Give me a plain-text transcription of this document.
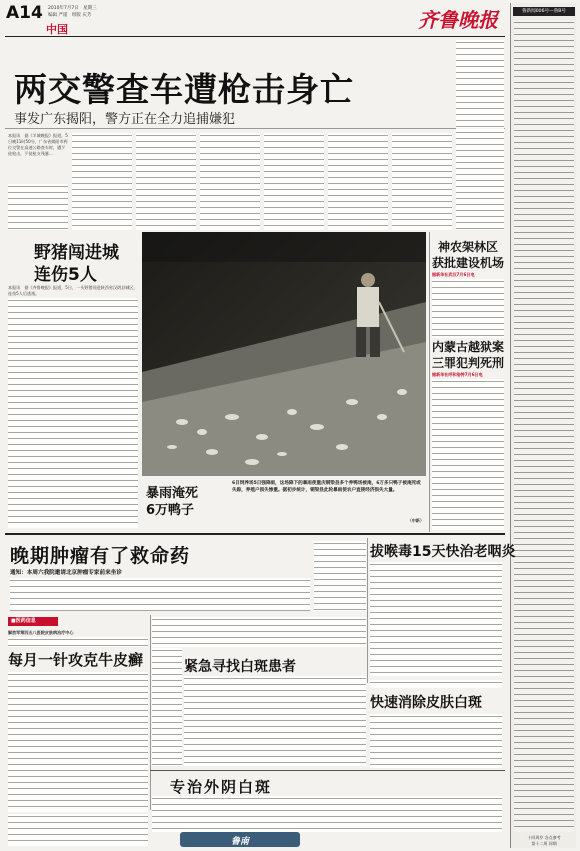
A14 2010年7月7日　星期三
编辑 严谨　组版 庆芳
中国	齐鲁晚报	鲁新闻006号—鲁B号
十四周岁 各点参考
第十二周 同期
两交警查车遭枪击身亡
事发广东揭阳，警方正在全力追捕嫌犯
本报讯　据《羊城晚报》报道，5日晚11时50分，广东省揭阳市两位交警在高速公路查车时，遭歹徒枪击，歹徒枪支残暴…
神农架林区
获批建设机场
据新华社武汉7月6日电
内蒙古越狱案
三罪犯判死刑
据新华社呼和浩特7月6日电
野猪闯进城
连伤5人
本报讯　据《齐鲁晚报》报道，5日，一头野猪闯进陕西省汉阴县城区，连伤5人后逃逸。
暴雨淹死
6万鸭子
6日饲养场5日强降雨，这场降下的暴雨使重庆铜梁县多个养鸭场被淹，6万多只鸭子被淹死或失踪，养殖户损失惨重。据初步统计，铜梁县此轮暴雨使农户直接经济损失大量。
（中新）
晚期肿瘤有了救命药
通知：本周六我院邀请北京肿瘤专家前来坐诊
拔喉毒15天快治老咽炎
■医药信息
解放军第四五八医院皮肤病治疗中心
每月一针攻克牛皮癣	紧急寻找白斑患者
快速消除皮肤白斑
专治外阴白斑
鲁南
